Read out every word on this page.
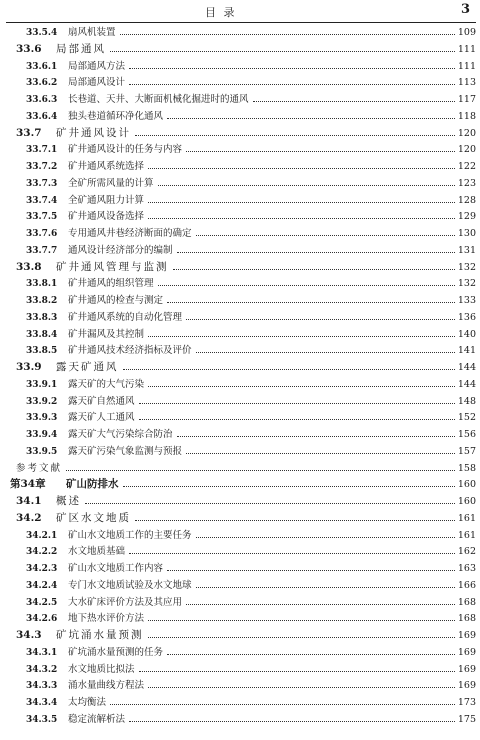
目 录	3
33.5.4	扇风机装置	109
33.6	局部通风	111
33.6.1	局部通风方法	111
33.6.2	局部通风设计	113
33.6.3	长巷道、天井、大断面机械化掘进时的通风	117
33.6.4	独头巷道循环净化通风	118
33.7	矿井通风设计	120
33.7.1	矿井通风设计的任务与内容	120
33.7.2	矿井通风系统选择	122
33.7.3	全矿所需风量的计算	123
33.7.4	全矿通风阻力计算	128
33.7.5	矿井通风设备选择	129
33.7.6	专用通风井巷经济断面的确定	130
33.7.7	通风设计经济部分的编制	131
33.8	矿井通风管理与监测	132
33.8.1	矿井通风的组织管理	132
33.8.2	矿井通风的检查与测定	133
33.8.3	矿井通风系统的自动化管理	136
33.8.4	矿井漏风及其控制	140
33.8.5	矿井通风技术经济指标及评价	141
33.9	露天矿通风	144
33.9.1	露天矿的大气污染	144
33.9.2	露天矿自然通风	148
33.9.3	露天矿人工通风	152
33.9.4	露天矿大气污染综合防治	156
33.9.5	露天矿污染气象监测与预报	157
参考文献	158
第34章	矿山防排水	160
34.1	概述	160
34.2	矿区水文地质	161
34.2.1	矿山水文地质工作的主要任务	161
34.2.2	水文地质基础	162
34.2.3	矿山水文地质工作内容	163
34.2.4	专门水文地质试验及水文地球	166
34.2.5	大水矿床评价方法及其应用	168
34.2.6	地下热水评价方法	168
34.3	矿坑涌水量预测	169
34.3.1	矿坑涌水量预测的任务	169
34.3.2	水文地质比拟法	169
34.3.3	涌水量曲线方程法	169
34.3.4	太均衡法	173
34.3.5	稳定流解析法	175
